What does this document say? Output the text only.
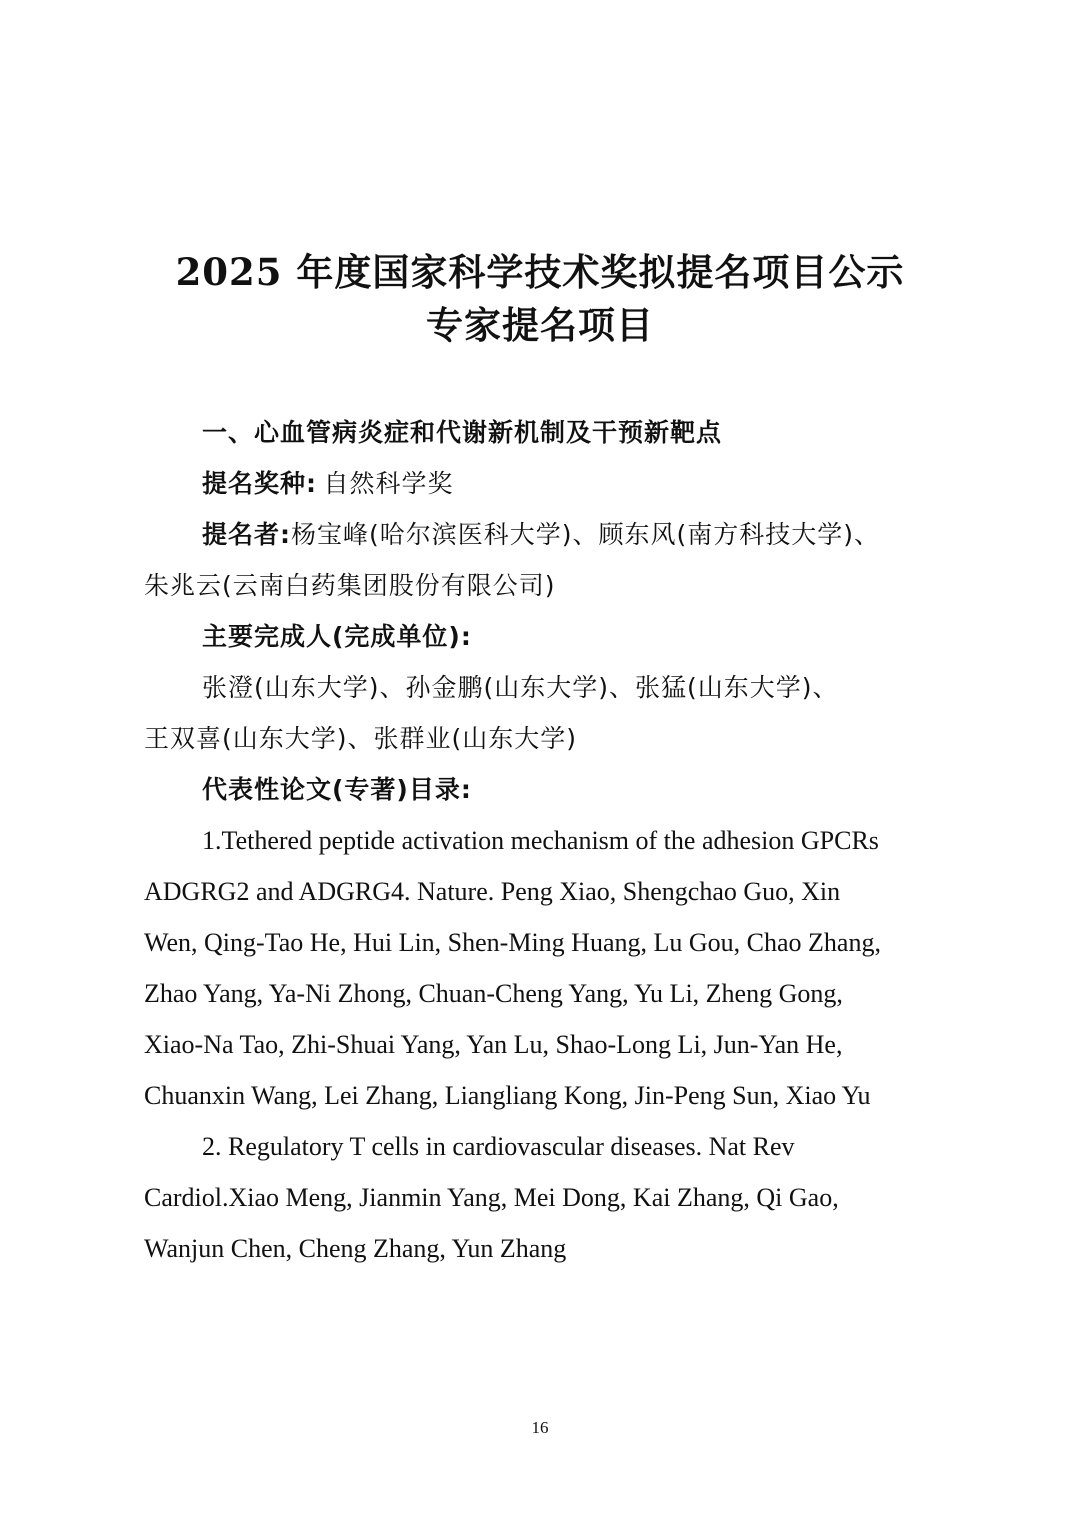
2025 年度国家科学技术奖拟提名项目公示
专家提名项目

一、心血管病炎症和代谢新机制及干预新靶点

提名奖种: 自然科学奖

提名者:杨宝峰(哈尔滨医科大学)、顾东风(南方科技大学)、

朱兆云(云南白药集团股份有限公司)

主要完成人(完成单位):

张澄(山东大学)、孙金鹏(山东大学)、张猛(山东大学)、

王双喜(山东大学)、张群业(山东大学)

代表性论文(专著)目录:

1.Tethered peptide activation mechanism of the adhesion GPCRs

ADGRG2 and ADGRG4. Nature. Peng Xiao, Shengchao Guo, Xin

Wen, Qing-Tao He, Hui Lin, Shen-Ming Huang, Lu Gou, Chao Zhang,

Zhao Yang, Ya-Ni Zhong, Chuan-Cheng Yang, Yu Li, Zheng Gong,

Xiao-Na Tao, Zhi-Shuai Yang, Yan Lu, Shao-Long Li, Jun-Yan He,

Chuanxin Wang, Lei Zhang, Liangliang Kong, Jin-Peng Sun, Xiao Yu

2. Regulatory T cells in cardiovascular diseases. Nat Rev

Cardiol.Xiao Meng, Jianmin Yang, Mei Dong, Kai Zhang, Qi Gao,

Wanjun Chen, Cheng Zhang, Yun Zhang

16
